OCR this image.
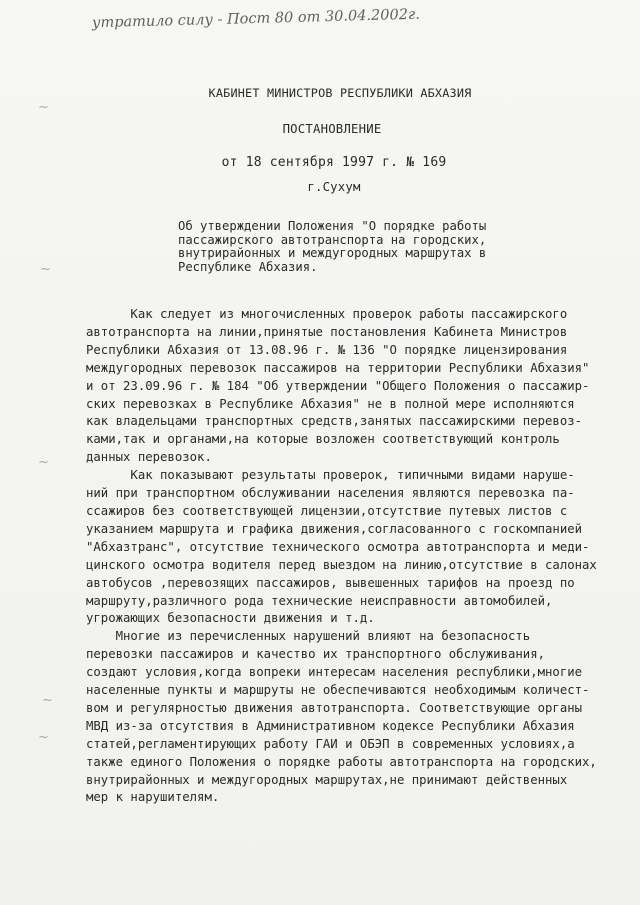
утратило силу - Пост 80 от 30.04.2002г.
~
~
~
~
~
КАБИНЕТ МИНИСТРОВ РЕСПУБЛИКИ АБХАЗИЯ
ПОСТАНОВЛЕНИЕ
от 18 сентября 1997 г. № 169
г.Сухум
Об утверждении Положения "О порядке работы
пассажирского автотранспорта на городских,
внутрирайонных и междугородных маршрутах в
Республике Абхазия.
Как следует из многочисленных проверок работы пассажирского
автотранспорта на линии,принятые постановления Кабинета Министров
Республики Абхазия от 13.08.96 г. № 136 "О порядке лицензирования
междугородных перевозок пассажиров на территории Республики Абхазия"
и от 23.09.96 г. № 184 "Об утверждении "Общего Положения о пассажир-
ских перевозках в Республике Абхазия" не в полной мере исполняются
как владельцами транспортных средств,занятых пассажирскими перевоз-
ками,так и органами,на которые возложен соответствующий контроль
данных перевозок.
Как показывают результаты проверок, типичными видами наруше-
ний при транспортном обслуживании населения являются перевозка па-
ссажиров без соответствующей лицензии,отсутствие путевых листов с
указанием маршрута и графика движения,согласованного с госкомпанией
"Абхазтранс", отсутствие технического осмотра автотранспорта и меди-
цинского осмотра водителя перед выездом на линию,отсутствие в салонах
автобусов ,перевозящих пассажиров, вывешенных тарифов на проезд по
маршруту,различного рода технические неисправности автомобилей,
угрожающих безопасности движения и т.д.
Многие из перечисленных нарушений влияют на безопасность
перевозки пассажиров и качество их транспортного обслуживания,
создают условия,когда вопреки интересам населения республики,многие
населенные пункты и маршруты не обеспечиваются необходимым количест-
вом и регулярностью движения автотранспорта. Соответствующие органы
МВД из-за отсутствия в Административном кодексе Республики Абхазия
статей,регламентирующих работу ГАИ и ОБЭП в современных условиях,а
также единого Положения о порядке работы автотранспорта на городских,
внутрирайонных и междугородных маршрутах,не принимают действенных
мер к нарушителям.
